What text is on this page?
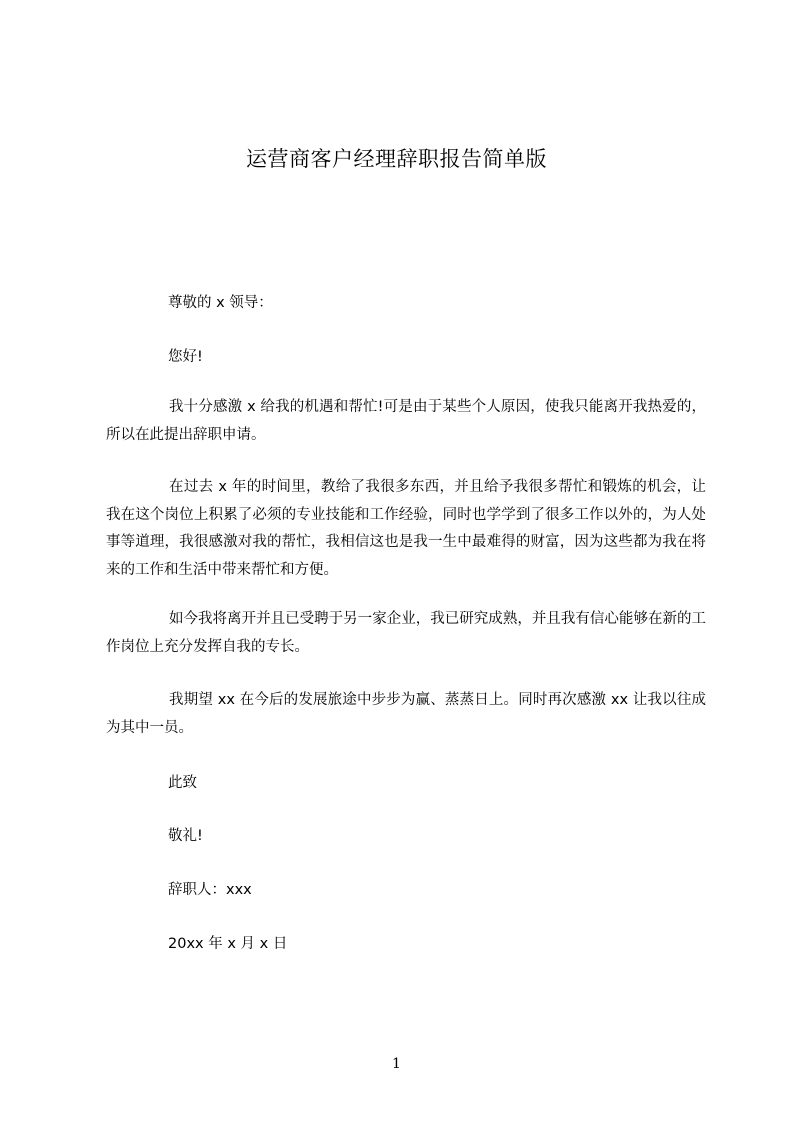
运营商客户经理辞职报告简单版
尊敬的 x 领导：
您好!
我十分感激 x 给我的机遇和帮忙!可是由于某些个人原因，使我只能离开我热爱的，所以在此提出辞职申请。
在过去 x 年的时间里，教给了我很多东西，并且给予我很多帮忙和锻炼的机会，让我在这个岗位上积累了必须的专业技能和工作经验，同时也学学到了很多工作以外的，为人处事等道理，我很感激对我的帮忙，我相信这也是我一生中最难得的财富，因为这些都为我在将来的工作和生活中带来帮忙和方便。
如今我将离开并且已受聘于另一家企业，我已研究成熟，并且我有信心能够在新的工作岗位上充分发挥自我的专长。
我期望 xx 在今后的发展旅途中步步为赢、蒸蒸日上。同时再次感激 xx 让我以往成为其中一员。
此致
敬礼!
辞职人：xxx
20xx 年 x 月 x 日
1
